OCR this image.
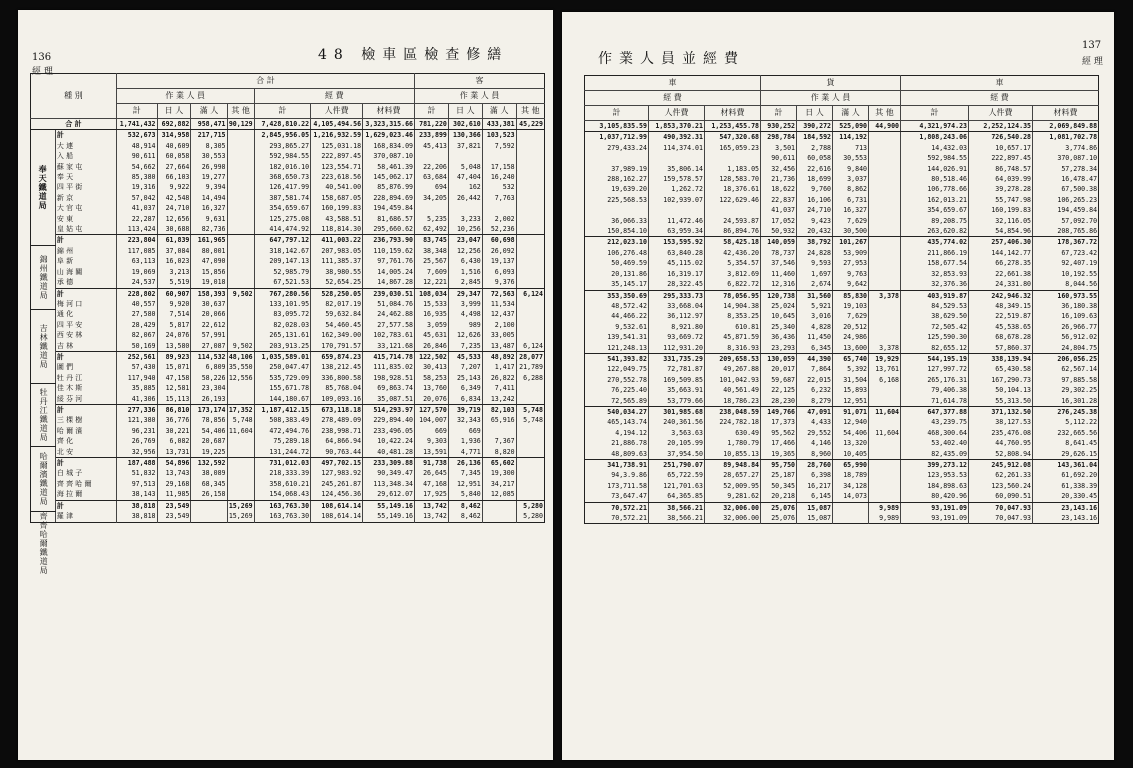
136
經 理
48 檢車區檢查修繕
種 別		合 計							客			
		作 業 人 員				經 費			作 業 人 員			
		計	日 人	滿 人	其 他	計	人件費	材料費	計	日 人	滿 人	其 他
合 計		1,741,432	692,882	958,471	90,129	7,428,810.22	4,105,494.56	3,323,315.66	781,220	302,610	433,381	45,229
奉天鐵道局	計	532,673	314,958	217,715		2,845,956.05	1,216,932.59	1,629,023.46	233,899	130,366	103,523	
	大 連	48,914	40,609	8,305		293,865.27	125,031.18	168,834.09	45,413	37,821	7,592	
	入 船	90,611	60,058	30,553		592,984.55	222,897.45	370,087.10				
	蘇 家 屯	54,662	27,664	26,998		182,016.10	123,554.71	58,461.39	22,206	5,048	17,158	
	奉 天	85,380	66,103	19,277		368,650.73	223,618.56	145,062.17	63,684	47,404	16,240	
	四 平 街	19,316	9,922	9,394		126,417.99	40,541.00	85,876.99	694	162	532	
	新 京	57,042	42,548	14,494		387,581.74	158,687.05	228,894.69	34,205	26,442	7,763	
	大 官 屯	41,037	24,710	16,327		354,659.67	160,199.83	194,459.84				
	安 東	22,287	12,656	9,631		125,275.08	43,588.51	81,686.57	5,235	3,233	2,002	
	皇 姑 屯	113,424	30,688	82,736		414,474.92	118,814.30	295,660.62	62,492	10,256	52,236	
	計	223,804	61,839	161,965		647,797.12	411,003.22	236,793.90	83,745	23,047	60,698	
錦州鐵道局	錦 州	117,085	37,084	80,001		318,142.67	207,983.05	110,159.62	38,348	12,256	26,092	
	阜 新	63,113	16,023	47,090		209,147.13	111,385.37	97,761.76	25,567	6,430	19,137	
	山 海 關	19,069	3,213	15,856		52,985.79	38,980.55	14,005.24	7,609	1,516	6,093	
	承 德	24,537	5,519	19,018		67,521.53	52,654.25	14,867.28	12,221	2,845	9,376	
	計	228,802	60,907	158,393	9,502	767,280.56	528,250.05	239,030.51	108,034	29,347	72,563	6,124
	梅 河 口	40,557	9,920	30,637		133,101.95	82,017.19	51,084.76	15,533	3,999	11,534	
吉林鐵道局	通 化	27,580	7,514	20,066		83,095.72	59,632.84	24,462.88	16,935	4,498	12,437	
	四 平 安	28,429	5,817	22,612		82,028.03	54,460.45	27,577.58	3,059	989	2,100	
	西 安 林	82,067	24,076	57,991		265,131.61	162,349.00	102,783.61	45,631	12,626	33,005	
	吉 林	50,169	13,580	27,087	9,502	203,913.25	170,791.57	33,121.68	26,846	7,235	13,487	6,124
	計	252,561	89,923	114,532	48,106	1,035,589.01	659,874.23	415,714.78	122,502	45,533	48,892	28,077
	圖 們	57,430	15,071	6,809	35,550	250,047.47	138,212.45	111,835.02	30,413	7,207	1,417	21,789
	牡 丹 江	117,940	47,158	58,226	12,556	535,729.09	336,800.58	198,928.51	58,253	25,143	26,822	6,288
牡丹江鐵道局	佳 木 斯	35,885	12,581	23,304		155,671.78	85,768.04	69,863.74	13,760	6,349	7,411	
	綏 芬 河	41,306	15,113	26,193		144,180.67	109,093.16	35,087.51	20,076	6,834	13,242	
	計	277,336	86,810	173,174	17,352	1,187,412.15	673,118.18	514,293.97	127,570	39,719	82,103	5,748
	三 棵 樹	121,380	36,776	78,856	5,748	508,383.49	278,489.09	229,894.40	104,007	32,343	65,916	5,748
	哈 爾 濱	96,231	30,221	54,406	11,604	472,494.76	238,998.71	233,496.05	669	669		
	齊 化	26,769	6,082	20,687		75,289.18	64,866.94	10,422.24	9,303	1,936	7,367	
哈爾濱鐵道局	北 安	32,956	13,731	19,225		131,244.72	90,763.44	40,481.28	13,591	4,771	8,820	
	計	187,488	54,896	132,592		731,012.03	497,702.15	233,309.88	91,738	26,136	65,602	
	白 城 子	51,832	13,743	38,089		218,333.39	127,983.92	90,349.47	26,645	7,345	19,300	
	齊 齊 哈 爾	97,513	29,168	68,345		358,610.21	245,261.87	113,348.34	47,168	12,951	34,217	
	海 拉 爾	38,143	11,985	26,158		154,068.43	124,456.36	29,612.07	17,925	5,840	12,085	
	計	38,818	23,549		15,269	163,763.30	108,614.14	55,149.16	13,742	8,462		5,280
齊齊哈爾鐵道局	羅 津	38,818	23,549		15,269	163,763.30	108,614.14	55,149.16	13,742	8,462		5,280
作業人員並經費
137
經 理
車			貨				車		
經 費			作 業 人 員				經 費		
計	人件費	材料費	計	日 人	滿 人	其 他	計	人件費	材料費
3,105,835.59	1,853,370.21	1,253,455.78	930,252	390,272	525,090	44,900	4,321,974.23	2,252,124.35	2,069,849.88
1,037,712.99	490,392.31	547,320.68	298,784	184,592	114,192		1,808,243.06	726,540.28	1,081,702.78
279,433.24	114,374.01	165,059.23	3,501	2,788	713		14,432.03	10,657.17	3,774.86
			90,611	60,058	30,553		592,984.55	222,897.45	370,087.10
37,989.19	35,806.14	1,183.05	32,456	22,616	9,840		144,026.91	86,748.57	57,278.34
288,162.27	159,578.57	128,583.70	21,736	18,699	3,037		80,518.46	64,039.99	16,478.47
19,639.20	1,262.72	18,376.61	18,622	9,760	8,862		106,778.66	39,278.28	67,500.38
225,568.53	102,939.07	122,629.46	22,837	16,106	6,731		162,013.21	55,747.98	106,265.23
			41,037	24,710	16,327		354,659.67	160,199.83	194,459.84
36,066.33	11,472.46	24,593.87	17,052	9,423	7,629		89,208.75	32,116.05	57,092.70
150,854.10	63,959.34	86,894.76	50,932	20,432	30,500		263,620.82	54,854.96	208,765.86
212,023.10	153,595.92	58,425.18	140,059	38,792	101,267		435,774.02	257,406.30	178,367.72
106,276.48	63,840.28	42,436.20	78,737	24,828	53,909		211,866.19	144,142.77	67,723.42
50,469.59	45,115.02	5,354.57	37,546	9,593	27,953		158,677.54	66,278.35	92,407.19
20,131.86	16,319.17	3,812.69	11,460	1,697	9,763		32,853.93	22,661.38	10,192.55
35,145.17	28,322.45	6,822.72	12,316	2,674	9,642		32,376.36	24,331.80	8,044.56
353,350.69	295,333.73	78,056.95	120,738	31,560	85,830	3,378	403,919.87	242,946.32	160,973.55
48,572.42	33,668.04	14,904.38	25,024	5,921	19,103		84,529.53	48,349.15	36,180.38
44,466.22	36,112.97	8,353.25	10,645	3,016	7,629		38,629.50	22,519.87	16,109.63
9,532.61	8,921.80	610.81	25,340	4,828	20,512		72,505.42	45,538.65	26,966.77
139,541.31	93,669.72	45,871.59	36,436	11,450	24,986		125,590.30	68,678.28	56,912.02
121,248.13	112,931.20	8,316.93	23,293	6,345	13,600	3,378	82,655.12	57,860.37	24,804.75
541,393.82	331,735.29	209,658.53	130,059	44,390	65,740	19,929	544,195.19	338,139.94	206,056.25
122,049.75	72,781.87	49,267.88	20,017	7,864	5,392	13,761	127,997.72	65,430.58	62,567.14
270,552.78	169,509.85	101,042.93	59,687	22,015	31,504	6,168	265,176.31	167,290.73	97,885.58
76,225.40	35,663.91	40,561.49	22,125	6,232	15,893		79,406.38	50,104.13	29,302.25
72,565.89	53,779.66	18,786.23	28,230	8,279	12,951		71,614.78	55,313.50	16,301.28
540,034.27	301,985.68	238,048.59	149,766	47,091	91,071	11,604	647,377.88	371,132.50	276,245.38
465,143.74	240,361.56	224,782.18	17,373	4,433	12,940		43,239.75	38,127.53	5,112.22
4,194.12	3,563.63	630.49	95,562	29,552	54,406	11,604	468,300.64	235,476.08	232,665.56
21,886.78	20,105.99	1,780.79	17,466	4,146	13,320		53,402.40	44,760.95	8,641.45
48,809.63	37,954.50	10,855.13	19,365	8,960	10,405		82,435.09	52,808.94	29,626.15
341,738.91	251,790.07	89,948.84	95,750	28,760	65,990		399,273.12	245,912.08	143,361.04
94,3.9.86	65,722.59	28,657.27	25,187	6,398	18,789		123,953.53	62,261.33	61,692.20
173,711.58	121,701.63	52,009.95	50,345	16,217	34,128		184,898.63	123,560.24	61,338.39
73,647.47	64,365.85	9,281.62	20,218	6,145	14,073		80,420.96	60,090.51	20,330.45
70,572.21	38,566.21	32,006.00	25,076	15,087		9,989	93,191.09	70,047.93	23,143.16
70,572.21	38,566.21	32,006.00	25,076	15,087		9,989	93,191.09	70,047.93	23,143.16
